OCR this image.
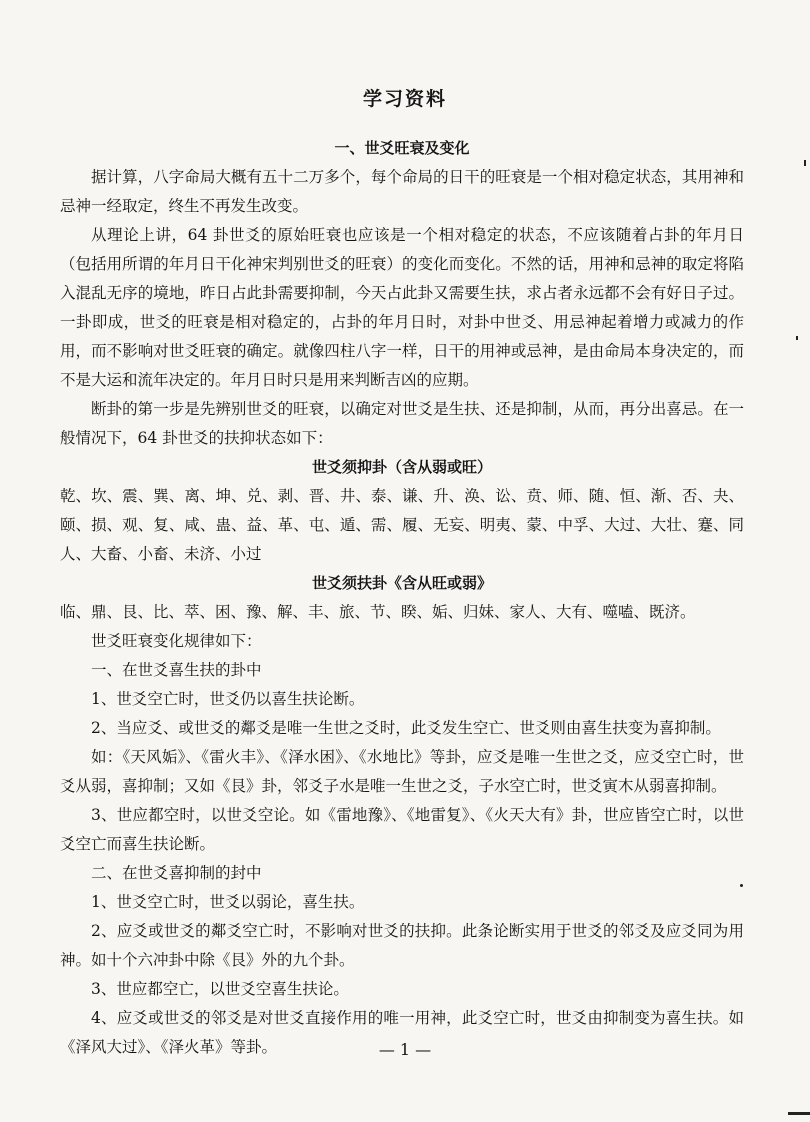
学习资料

一、世爻旺衰及变化

据计算，八字命局大概有五十二万多个，每个命局的日干的旺衰是一个相对稳定状态，其用神和忌神一经取定，终生不再发生改变。

从理论上讲，64 卦世爻的原始旺衰也应该是一个相对稳定的状态，不应该随着占卦的年月日（包括用所谓的年月日干化神宋判别世爻的旺衰）的变化而变化。不然的话，用神和忌神的取定将陷入混乱无序的境地，昨日占此卦需要抑制，今天占此卦又需要生扶，求占者永远都不会有好日子过。一卦即成，世爻的旺衰是相对稳定的，占卦的年月日时，对卦中世爻、用忌神起着增力或减力的作用，而不影响对世爻旺衰的确定。就像四柱八字一样，日干的用神或忌神，是由命局本身决定的，而不是大运和流年决定的。年月日时只是用来判断吉凶的应期。

断卦的第一步是先辨别世爻的旺衰，以确定对世爻是生扶、还是抑制，从而，再分出喜忌。在一般情况下，64 卦世爻的扶抑状态如下：

世爻须抑卦（含从弱或旺）

乾、坎、震、巽、离、坤、兑、剥、晋、井、泰、谦、升、涣、讼、贲、师、随、恒、渐、否、夬、颐、损、观、复、咸、蛊、益、革、屯、遁、需、履、无妄、明夷、蒙、中孚、大过、大壮、蹇、同人、大畜、小畜、未济、小过

世爻须扶卦《含从旺或弱》

临、鼎、艮、比、萃、困、豫、解、丰、旅、节、睽、姤、归妹、家人、大有、噬嗑、既济。

世爻旺衰变化规律如下：

一、在世爻喜生扶的卦中

1、世爻空亡时，世爻仍以喜生扶论断。

2、当应爻、或世爻的鄰爻是唯一生世之爻时，此爻发生空亡、世爻则由喜生扶变为喜抑制。

如：《天风姤》、《雷火丰》、《泽水困》、《水地比》等卦，应爻是唯一生世之爻，应爻空亡时，世爻从弱，喜抑制；又如《艮》卦，邻爻子水是唯一生世之爻，子水空亡时，世爻寅木从弱喜抑制。

3、世应都空时，以世爻空论。如《雷地豫》、《地雷复》、《火天大有》卦，世应皆空亡时，以世爻空亡而喜生扶论断。

二、在世爻喜抑制的封中

1、世爻空亡时，世爻以弱论，喜生扶。

2、应爻或世爻的鄰爻空亡时，不影响对世爻的扶抑。此条论断实用于世爻的邻爻及应爻同为用神。如十个六冲卦中除《艮》外的九个卦。

3、世应都空亡，以世爻空喜生扶论。

4、应爻或世爻的邻爻是对世爻直接作用的唯一用神，此爻空亡时，世爻由抑制变为喜生扶。如《泽风大过》、《泽火革》等卦。	— 1 —
